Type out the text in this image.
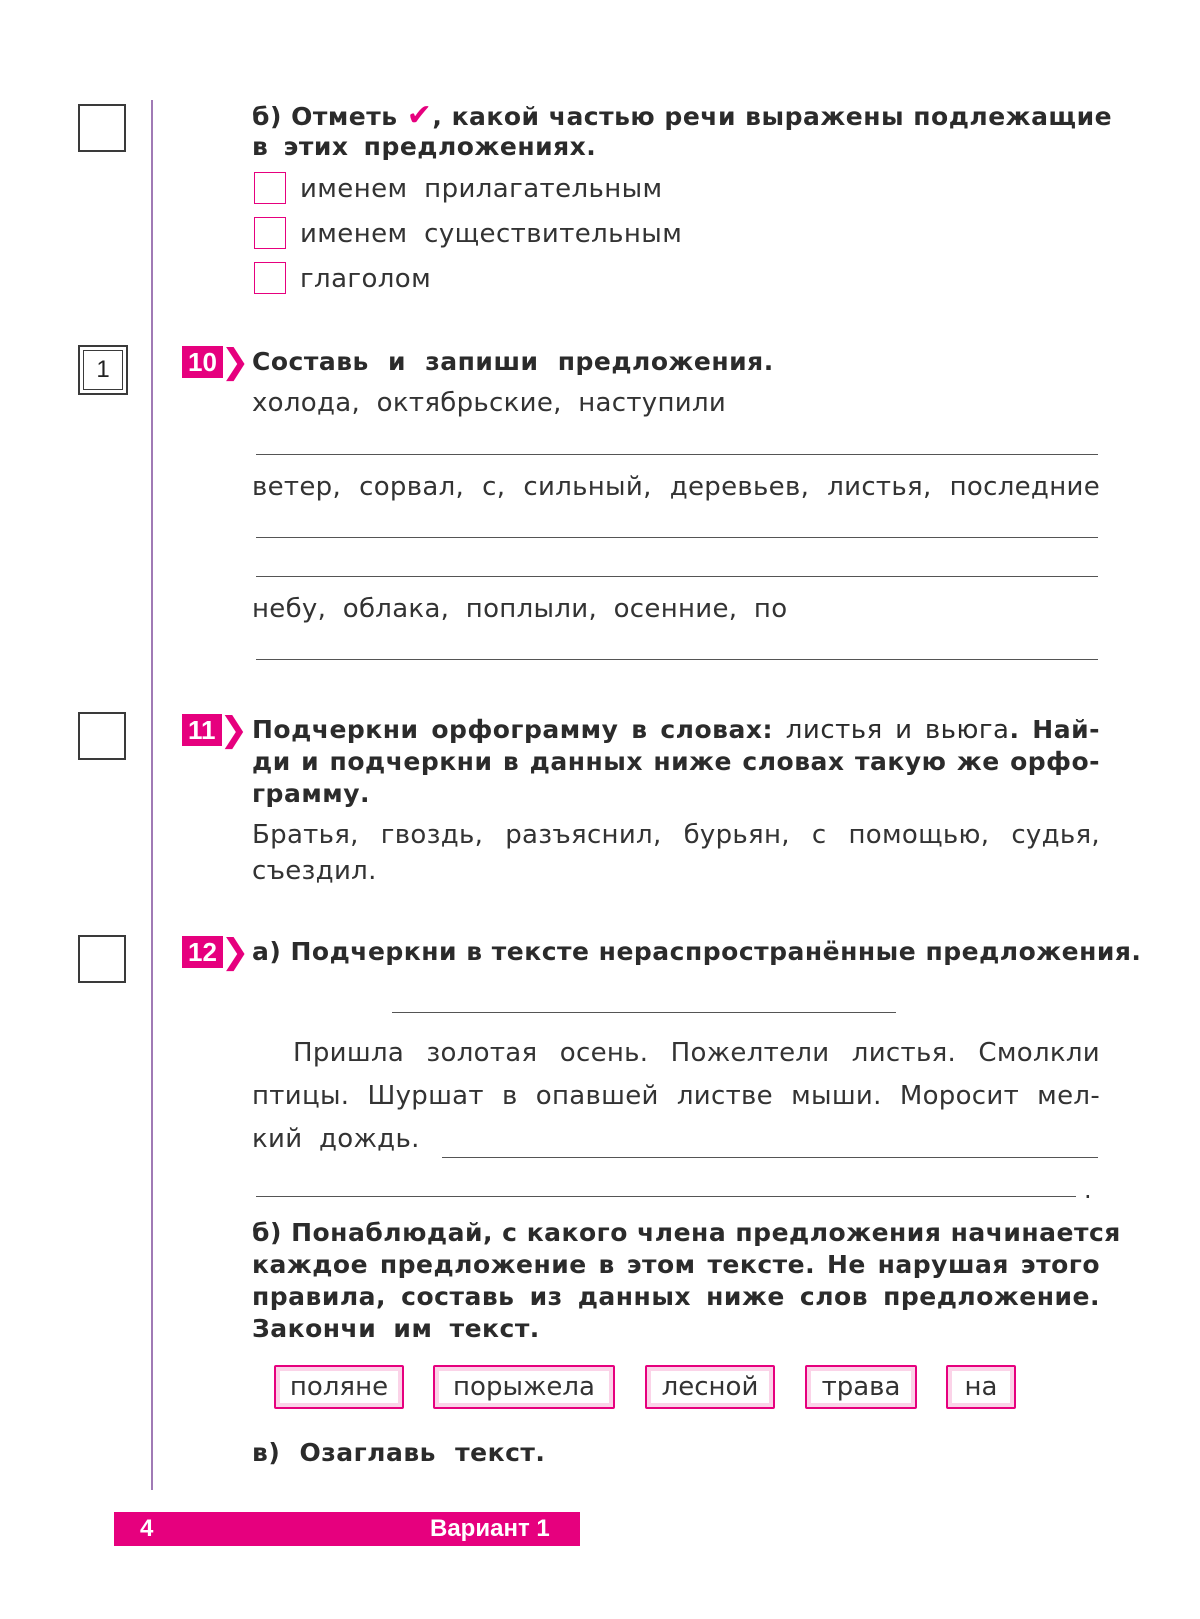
б) Отметь ✔, какой частью речи выражены подлежащие
в этих предложениях.
именем прилагательным
именем существительным
глаголом
1	10 ❯ Составь и запиши предложения.
холода, октябрьские, наступили
ветер, сорвал, с, сильный, деревьев, листья, последние
небу, облака, поплыли, осенние, по
11 ❯ Подчеркни орфограмму в словах: листья и вьюга. Най-
ди и подчеркни в данных ниже словах такую же орфо-
грамму.
Братья, гвоздь, разъяснил, бурьян, с помощью, судья,
съездил.
12 ❯ а) Подчеркни в тексте нераспространённые предложения.
Пришла золотая осень. Пожелтели листья. Смолкли
птицы. Шуршат в опавшей листве мыши. Моросит мел-
кий дождь.
.
б) Понаблюдай, с какого члена предложения начинается
каждое предложение в этом тексте. Не нарушая этого
правила, составь из данных ниже слов предложение.
Закончи им текст.
поляне	порыжела	лесной	трава	на
в) Озаглавь текст.
4	Вариант 1
